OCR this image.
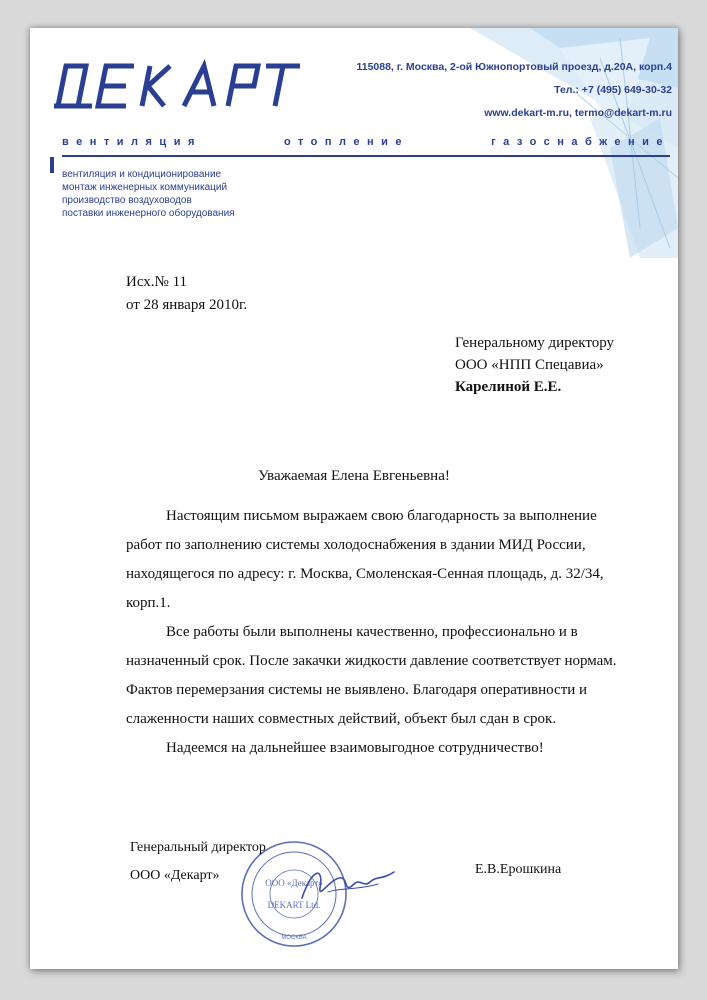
115088, г. Москва, 2-ой Южнопортовый проезд, д.20А, корп.4
Тел.: +7 (495) 649-30-32
www.dekart-m.ru, termo@dekart-m.ru
вентиляция	отопление	газоснабжение
вентиляция и кондиционирование
монтаж инженерных коммуникаций
производство воздуховодов
поставки инженерного оборудования
Исх.№ 11
от 28 января 2010г.
Генеральному директору
ООО «НПП Спецавиа»
Карелиной Е.Е.
Уважаемая Елена Евгеньевна!

Настоящим письмом выражаем свою благодарность за выполнение

работ по заполнению системы холодоснабжения в здании МИД России,

находящегося по адресу: г. Москва, Смоленская-Сенная площадь, д. 32/34,

корп.1.

Все работы были выполнены качественно, профессионально и в

назначенный срок. После закачки жидкости давление соответствует нормам.

Фактов перемерзания системы не выявлено. Благодаря оперативности и

слаженности наших совместных действий, объект был сдан в срок.

Надеемся на дальнейшее взаимовыгодное сотрудничество!

ООО «Декарт»
DEKART Ltd.
МОСКВА
Генеральный директор
ООО «Декарт»	Е.В.Ерошкина
